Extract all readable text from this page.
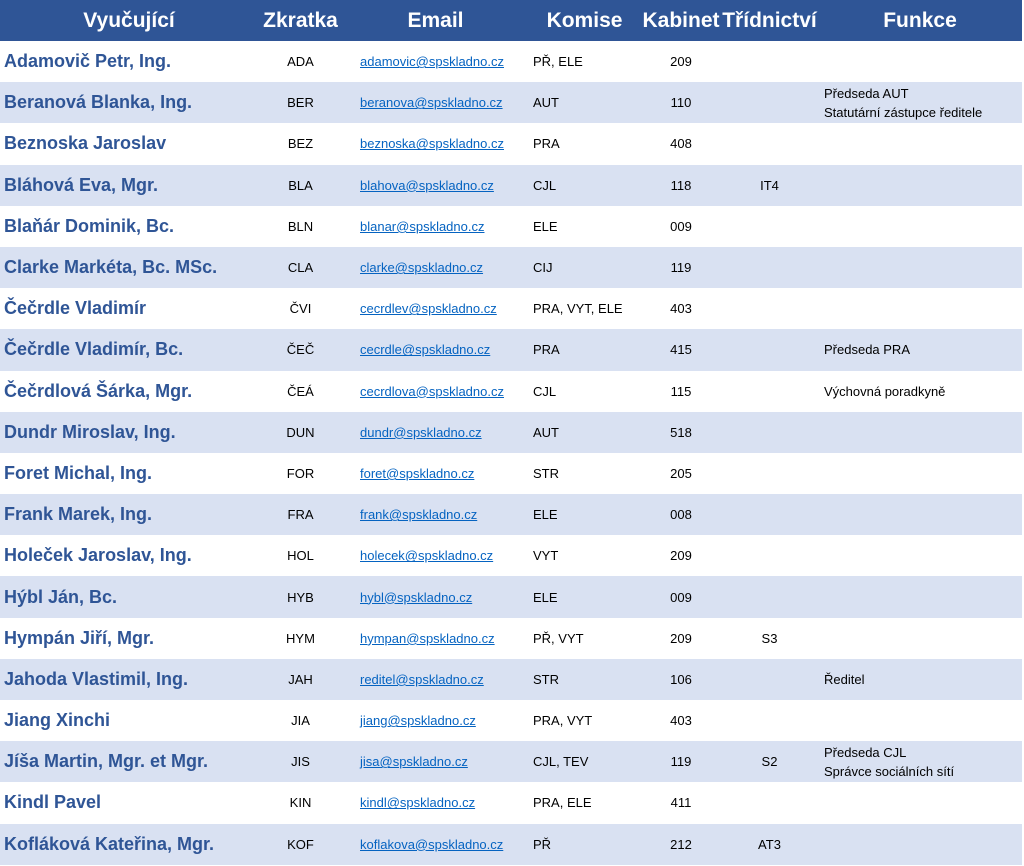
Vyučující	Zkratka	Email	Komise	Kabinet	Třídnictví	Funkce
Adamovič Petr, Ing.	ADA	adamovic@spskladno.cz	PŘ, ELE	209		

Beranová Blanka, Ing.	BER	beranova@spskladno.cz	AUT	110		Předseda AUT
Statutární zástupce ředitele

Beznoska Jaroslav	BEZ	beznoska@spskladno.cz	PRA	408		

Bláhová Eva, Mgr.	BLA	blahova@spskladno.cz	CJL	118	IT4	

Blaňár Dominik, Bc.	BLN	blanar@spskladno.cz	ELE	009		

Clarke Markéta, Bc. MSc.	CLA	clarke@spskladno.cz	CIJ	119		

Čečrdle Vladimír	ČVI	cecrdlev@spskladno.cz	PRA, VYT, ELE	403		

Čečrdle Vladimír, Bc.	ČEČ	cecrdle@spskladno.cz	PRA	415		Předseda PRA

Čečrdlová Šárka, Mgr.	ČEÁ	cecrdlova@spskladno.cz	CJL	115		Výchovná poradkyně

Dundr Miroslav, Ing.	DUN	dundr@spskladno.cz	AUT	518		

Foret Michal, Ing.	FOR	foret@spskladno.cz	STR	205		

Frank Marek, Ing.	FRA	frank@spskladno.cz	ELE	008		

Holeček Jaroslav, Ing.	HOL	holecek@spskladno.cz	VYT	209		

Hýbl Ján, Bc.	HYB	hybl@spskladno.cz	ELE	009		

Hympán Jiří, Mgr.	HYM	hympan@spskladno.cz	PŘ, VYT	209	S3	

Jahoda Vlastimil, Ing.	JAH	reditel@spskladno.cz	STR	106		Ředitel

Jiang Xinchi	JIA	jiang@spskladno.cz	PRA, VYT	403		

Jíša Martin, Mgr. et Mgr.	JIS	jisa@spskladno.cz	CJL, TEV	119	S2	Předseda CJL
Správce sociálních sítí

Kindl Pavel	KIN	kindl@spskladno.cz	PRA, ELE	411		

Kofláková Kateřina, Mgr.	KOF	koflakova@spskladno.cz	PŘ	212	AT3	
